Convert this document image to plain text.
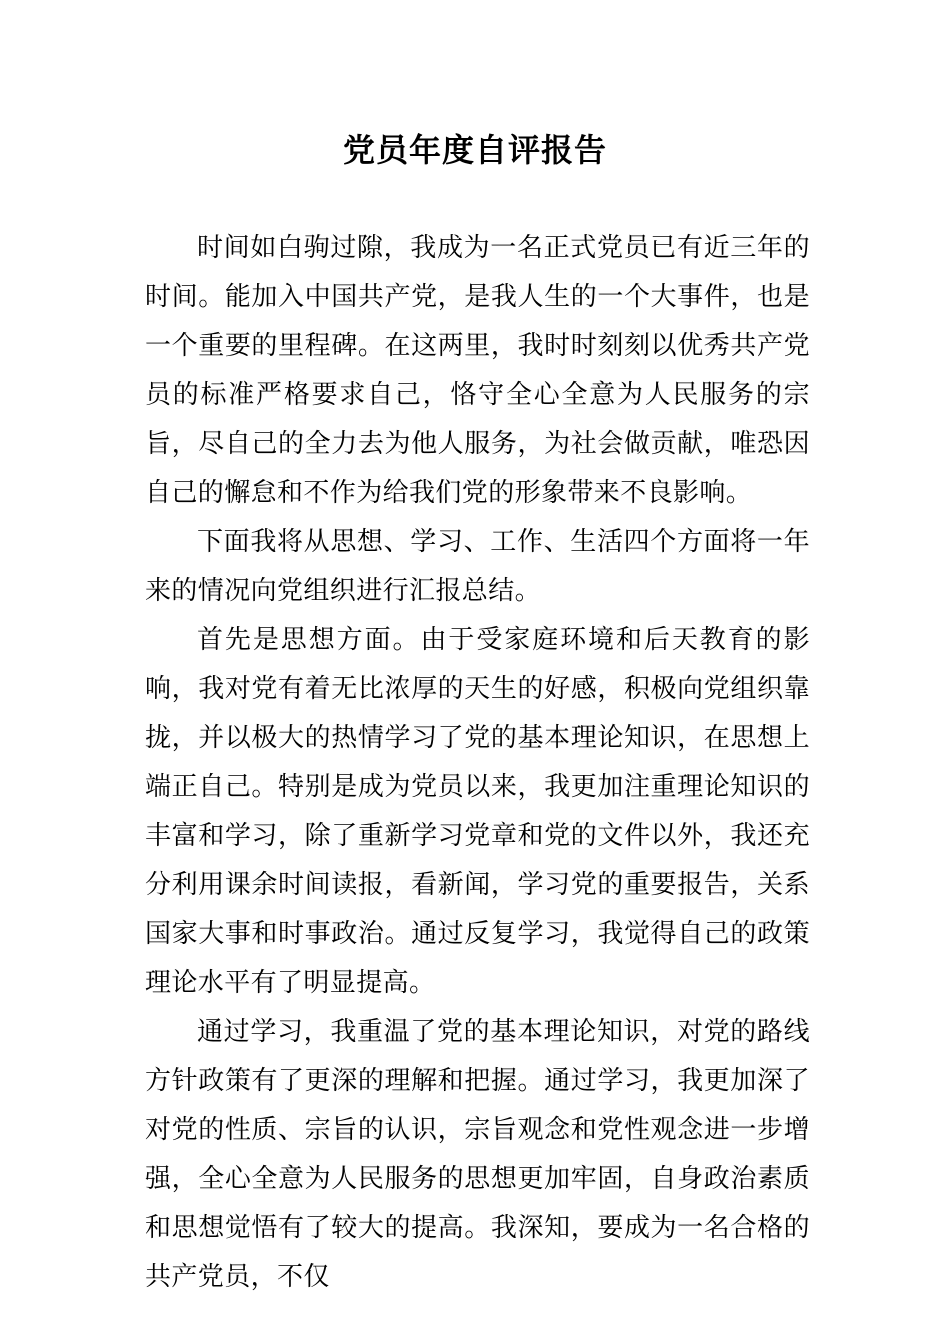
党员年度自评报告

时间如白驹过隙，我成为一名正式党员已有近三年的时间。能加入中国共产党，是我人生的一个大事件，也是一个重要的里程碑。在这两里，我时时刻刻以优秀共产党员的标准严格要求自己，恪守全心全意为人民服务的宗旨，尽自己的全力去为他人服务，为社会做贡献，唯恐因自己的懈怠和不作为给我们党的形象带来不良影响。

下面我将从思想、学习、工作、生活四个方面将一年来的情况向党组织进行汇报总结。

首先是思想方面。由于受家庭环境和后天教育的影响，我对党有着无比浓厚的天生的好感，积极向党组织靠拢，并以极大的热情学习了党的基本理论知识，在思想上端正自己。特别是成为党员以来，我更加注重理论知识的丰富和学习，除了重新学习党章和党的文件以外，我还充分利用课余时间读报，看新闻，学习党的重要报告，关系国家大事和时事政治。通过反复学习，我觉得自己的政策理论水平有了明显提高。

通过学习，我重温了党的基本理论知识，对党的路线方针政策有了更深的理解和把握。通过学习，我更加深了对党的性质、宗旨的认识，宗旨观念和党性观念进一步增强，全心全意为人民服务的思想更加牢固，自身政治素质和思想觉悟有了较大的提高。我深知，要成为一名合格的共产党员，不仅
